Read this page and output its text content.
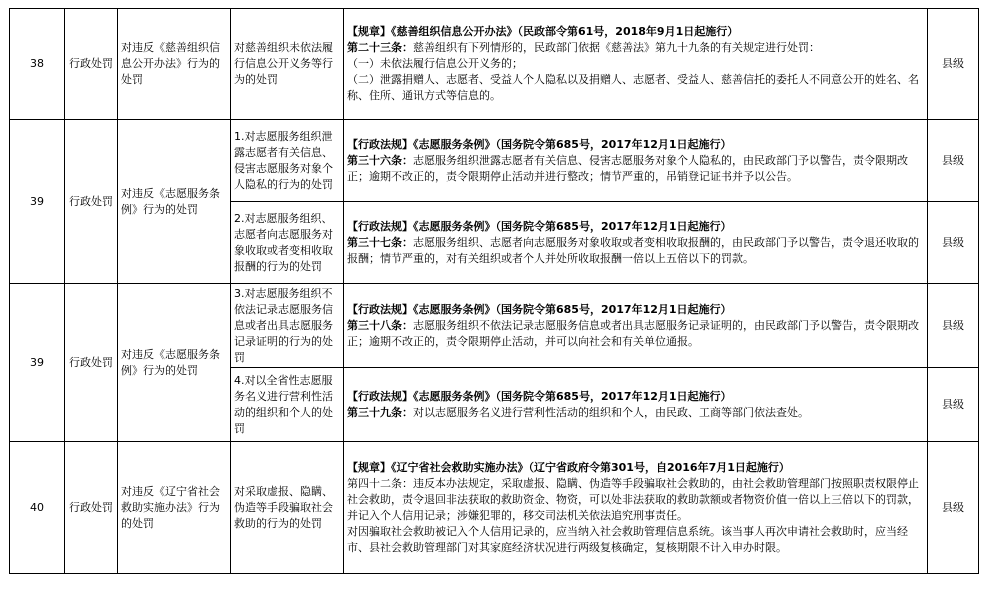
38	行政处罚	对违反《慈善组织信息公开办法》行为的处罚	对慈善组织未依法履行信息公开义务等行为的处罚	【规章】《慈善组织信息公开办法》（民政部令第61号，2018年9月1日起施行）
第二十三条：慈善组织有下列情形的，民政部门依据《慈善法》第九十九条的有关规定进行处罚：
（一）未依法履行信息公开义务的；
（二）泄露捐赠人、志愿者、受益人个人隐私以及捐赠人、志愿者、受益人、慈善信托的委托人不同意公开的姓名、名称、住所、通讯方式等信息的。	县级
39	行政处罚	对违反《志愿服务条例》行为的处罚	1.对志愿服务组织泄露志愿者有关信息、侵害志愿服务对象个人隐私的行为的处罚	【行政法规】《志愿服务条例》（国务院令第685号，2017年12月1日起施行）
第三十六条：志愿服务组织泄露志愿者有关信息、侵害志愿服务对象个人隐私的，由民政部门予以警告，责令限期改正；逾期不改正的，责令限期停止活动并进行整改；情节严重的，吊销登记证书并予以公告。	县级
			2.对志愿服务组织、志愿者向志愿服务对象收取或者变相收取报酬的行为的处罚	【行政法规】《志愿服务条例》（国务院令第685号，2017年12月1日起施行）
第三十七条：志愿服务组织、志愿者向志愿服务对象收取或者变相收取报酬的，由民政部门予以警告，责令退还收取的报酬；情节严重的，对有关组织或者个人并处所收取报酬一倍以上五倍以下的罚款。	县级
39	行政处罚	对违反《志愿服务条例》行为的处罚	3.对志愿服务组织不依法记录志愿服务信息或者出具志愿服务记录证明的行为的处罚	【行政法规】《志愿服务条例》（国务院令第685号，2017年12月1日起施行）
第三十八条：志愿服务组织不依法记录志愿服务信息或者出具志愿服务记录证明的，由民政部门予以警告，责令限期改正；逾期不改正的，责令限期停止活动，并可以向社会和有关单位通报。	县级
			4.对以全省性志愿服务名义进行营利性活动的组织和个人的处罚	【行政法规】《志愿服务条例》（国务院令第685号，2017年12月1日起施行）
第三十九条：对以志愿服务名义进行营利性活动的组织和个人，由民政、工商等部门依法查处。	县级
40	行政处罚	对违反《辽宁省社会救助实施办法》行为的处罚	对采取虚报、隐瞒、伪造等手段骗取社会救助的行为的处罚	【规章】《辽宁省社会救助实施办法》（辽宁省政府令第301号，自2016年7月1日起施行）
第四十二条：违反本办法规定，采取虚报、隐瞒、伪造等手段骗取社会救助的，由社会救助管理部门按照职责权限停止社会救助，责令退回非法获取的救助资金、物资，可以处非法获取的救助款额或者物资价值一倍以上三倍以下的罚款，并记入个人信用记录；涉嫌犯罪的，移交司法机关依法追究刑事责任。
对因骗取社会救助被记入个人信用记录的，应当纳入社会救助管理信息系统。该当事人再次申请社会救助时，应当经市、县社会救助管理部门对其家庭经济状况进行两级复核确定，复核期限不计入申办时限。	县级
